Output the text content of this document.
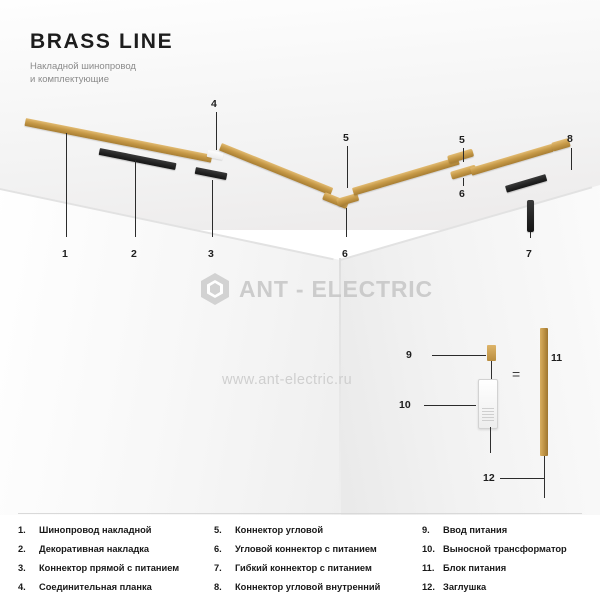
1	2	3
4
5
6
5
6
8
7
9
10
=
11
12
ANT - ELECTRIC
www.ant-electric.ru
BRASS LINE
Накладной шинопровод
и комплектующие
1.	Шинопровод накладной	5.	Коннектор угловой	9.	Ввод питания
2.	Декоративная накладка	6.	Угловой коннектор с питанием	10. Выносной трансформатор
3.	Коннектор прямой с питанием	7.	Гибкий коннектор с питанием	11. Блок питания
4.	Соединительная планка	8.	Коннектор угловой внутренний	12. Заглушка
